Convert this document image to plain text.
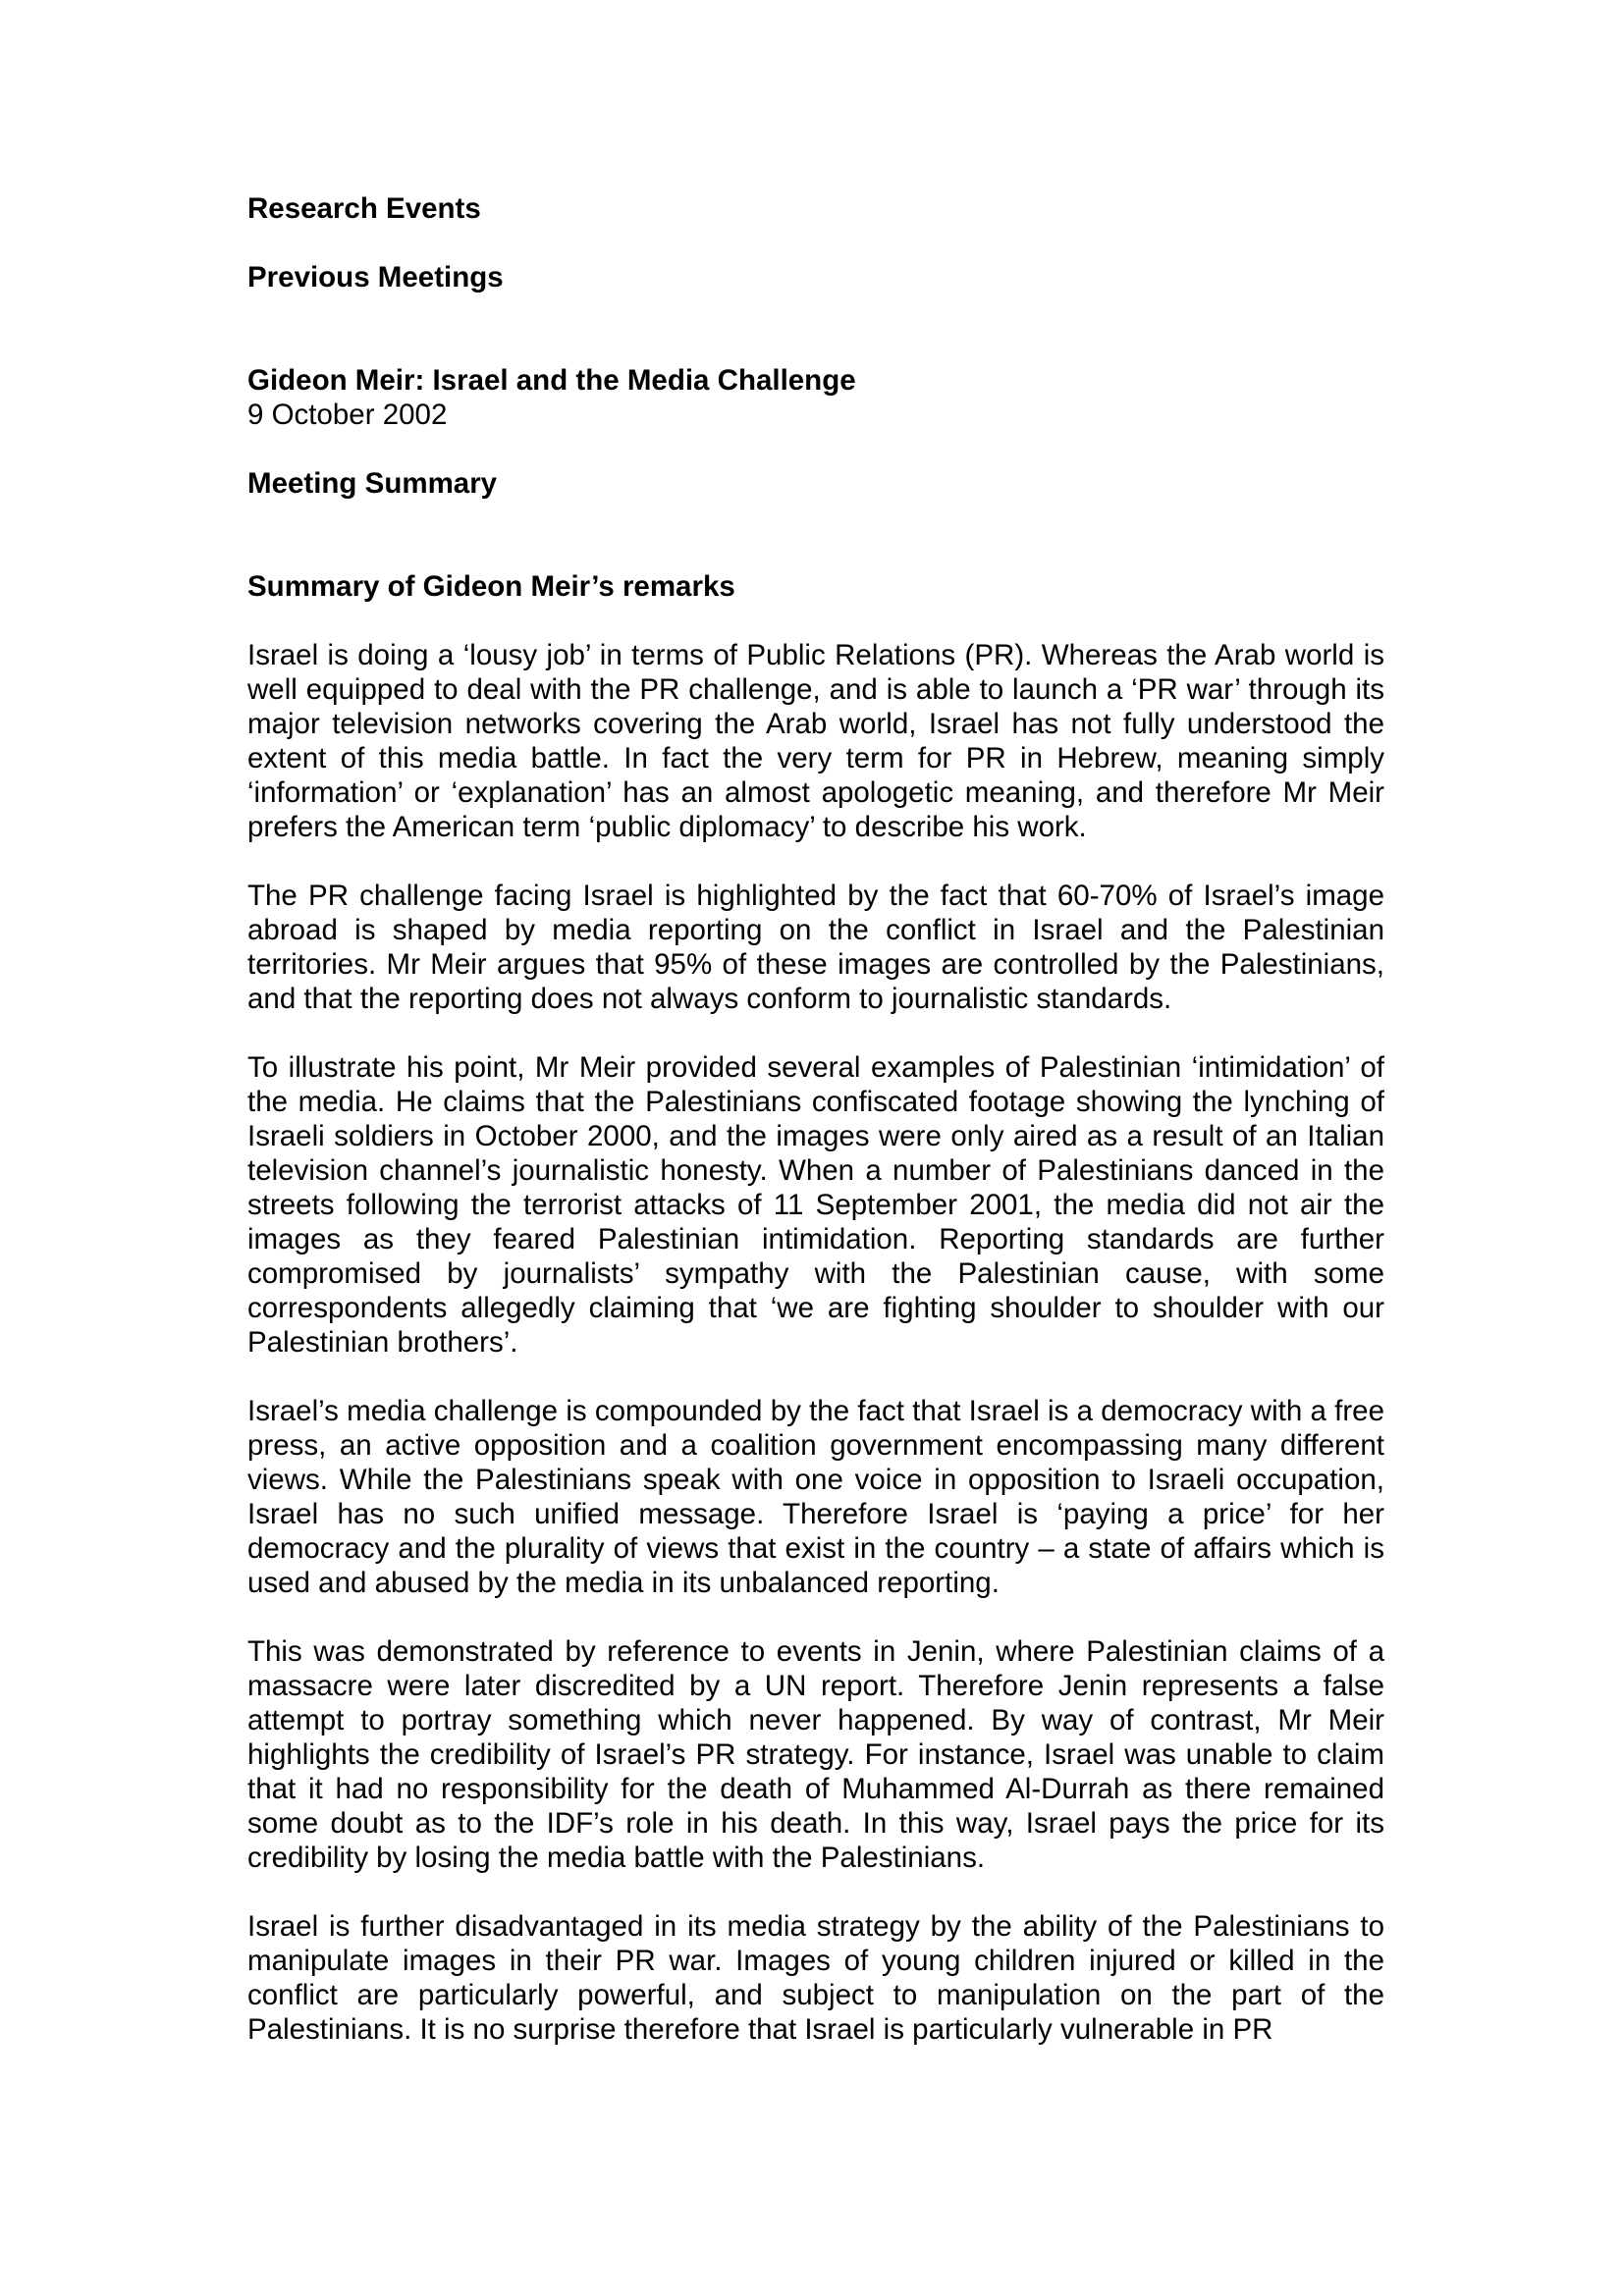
Research Events
Previous Meetings
Gideon Meir: Israel and the Media Challenge
9 October 2002
Meeting Summary
Summary of Gideon Meir’s remarks

Israel is doing a ‘lousy job’ in terms of Public Relations (PR). Whereas the Arab world is well equipped to deal with the PR challenge, and is able to launch a ‘PR war’ through its major television networks covering the Arab world, Israel has not fully understood the extent of this media battle. In fact the very term for PR in Hebrew, meaning simply ‘information’ or ‘explanation’ has an almost apologetic meaning, and therefore Mr Meir prefers the American term ‘public diplomacy’ to describe his work.

The PR challenge facing Israel is highlighted by the fact that 60-70% of Israel’s image abroad is shaped by media reporting on the conflict in Israel and the Palestinian territories. Mr Meir argues that 95% of these images are controlled by the Palestinians, and that the reporting does not always conform to journalistic standards.

To illustrate his point, Mr Meir provided several examples of Palestinian ‘intimidation’ of the media. He claims that the Palestinians confiscated footage showing the lynching of Israeli soldiers in October 2000, and the images were only aired as a result of an Italian television channel’s journalistic honesty. When a number of Palestinians danced in the streets following the terrorist attacks of 11 September 2001, the media did not air the images as they feared Palestinian intimidation. Reporting standards are further compromised by journalists’ sympathy with the Palestinian cause, with some correspondents allegedly claiming that ‘we are fighting shoulder to shoulder with our Palestinian brothers’.

Israel’s media challenge is compounded by the fact that Israel is a democracy with a free press, an active opposition and a coalition government encompassing many different views. While the Palestinians speak with one voice in opposition to Israeli occupation, Israel has no such unified message. Therefore Israel is ‘paying a price’ for her democracy and the plurality of views that exist in the country – a state of affairs which is used and abused by the media in its unbalanced reporting.

This was demonstrated by reference to events in Jenin, where Palestinian claims of a massacre were later discredited by a UN report. Therefore Jenin represents a false attempt to portray something which never happened. By way of contrast, Mr Meir highlights the credibility of Israel’s PR strategy. For instance, Israel was unable to claim that it had no responsibility for the death of Muhammed Al-Durrah as there remained some doubt as to the IDF’s role in his death. In this way, Israel pays the price for its credibility by losing the media battle with the Palestinians.

Israel is further disadvantaged in its media strategy by the ability of the Palestinians to manipulate images in their PR war. Images of young children injured or killed in the conflict are particularly powerful, and subject to manipulation on the part of the Palestinians. It is no surprise therefore that Israel is particularly vulnerable in PR
